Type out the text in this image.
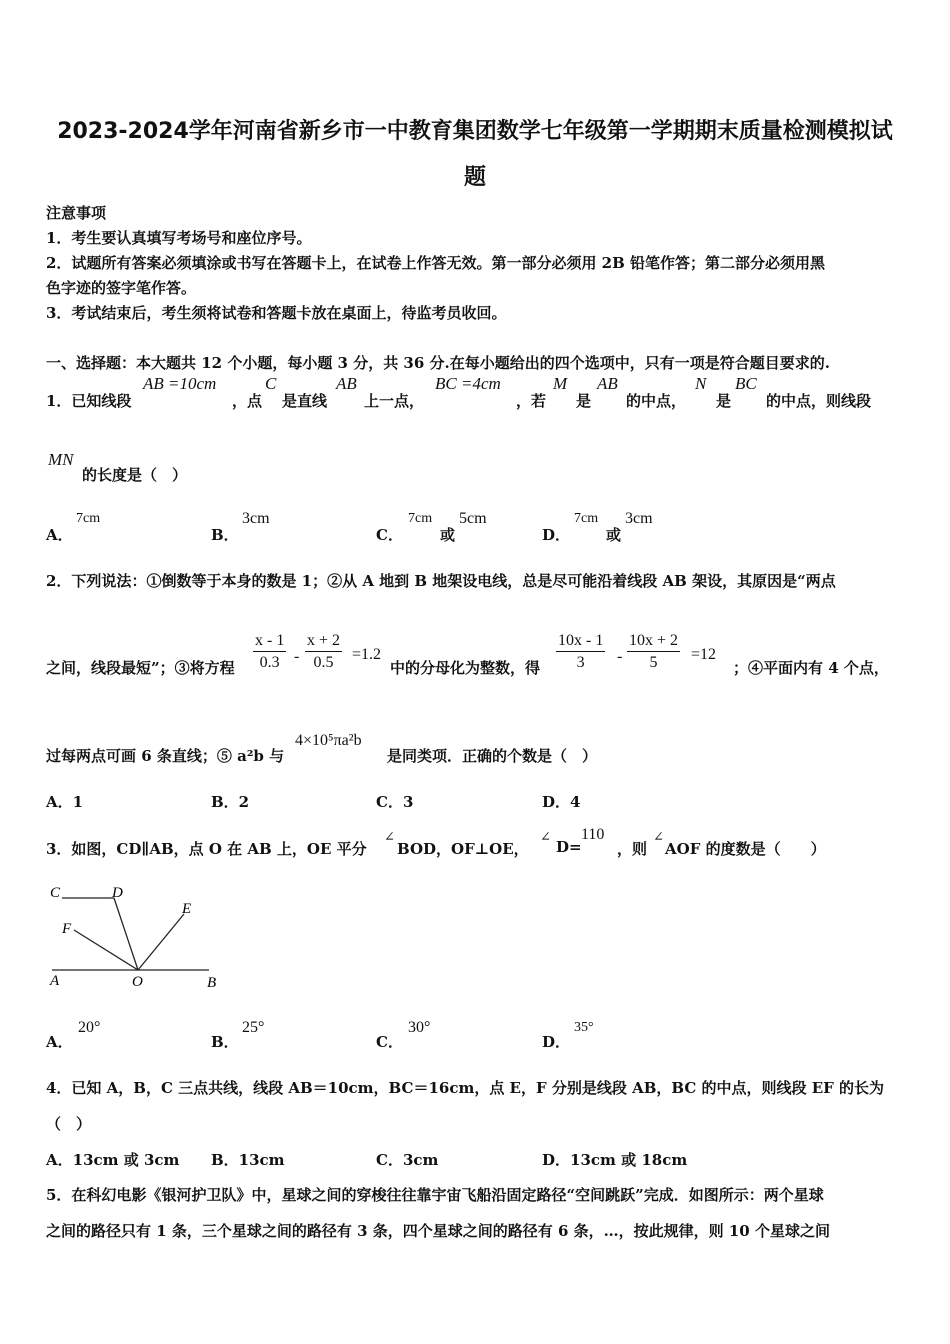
2023-2024学年河南省新乡市一中教育集团数学七年级第一学期期末质量检测模拟试
题
注意事项
1．考生要认真填写考场号和座位序号。
2．试题所有答案必须填涂或书写在答题卡上，在试卷上作答无效。第一部分必须用 2B 铅笔作答；第二部分必须用黑
色字迹的签字笔作答。
3．考试结束后，考生须将试卷和答题卡放在桌面上，待监考员收回。
一、选择题：本大题共 12 个小题，每小题 3 分，共 36 分.在每小题给出的四个选项中，只有一项是符合题目要求的.
1．已知线段
AB =10cm
，点
C
是直线
AB
上一点，
BC =4cm
，若
M
是
AB
的中点，
N
是
BC
的中点，则线段
MN
的长度是（　）
A．
7cm
B．
3cm
C．
7cm
或
5cm
D．
7cm
或
3cm
2．下列说法：①倒数等于本身的数是 1；②从 A 地到 B 地架设电线，总是尽可能沿着线段 AB 架设，其原因是“两点
之间，线段最短”；③将方程 $\frac{x - 1}{0.3} - \frac{x + 2}{0.5} =1.2$
中的分母化为整数，得 $\frac{10x - 1}{3} - \frac{10x + 2}{5} =12$
；④平面内有 4 个点，
过每两点可画 6 条直线；⑤ a²b 与
4×10⁵πa²b
是同类项．正确的个数是（　）
A．1	B．2	C．3	D．4
3．如图，CD∥AB，点 O 在 AB 上，OE 平分
∠
BOD，OF⊥OE，
∠
D=
110
，则
∠
AOF 的度数是（　　）
C	D
E
F
A	O	B
A．
20°
B．
25°
C．
30°
D．
35°
4．已知 A，B，C 三点共线，线段 AB＝10cm，BC＝16cm，点 E，F 分别是线段 AB，BC 的中点，则线段 EF 的长为
（　）
A．13cm 或 3cm B．13cm	C．3cm	D．13cm 或 18cm
5．在科幻电影《银河护卫队》中，星球之间的穿梭往往靠宇宙飞船沿固定路径“空间跳跃”完成．如图所示：两个星球
之间的路径只有 1 条，三个星球之间的路径有 3 条，四个星球之间的路径有 6 条，…，按此规律，则 10 个星球之间
